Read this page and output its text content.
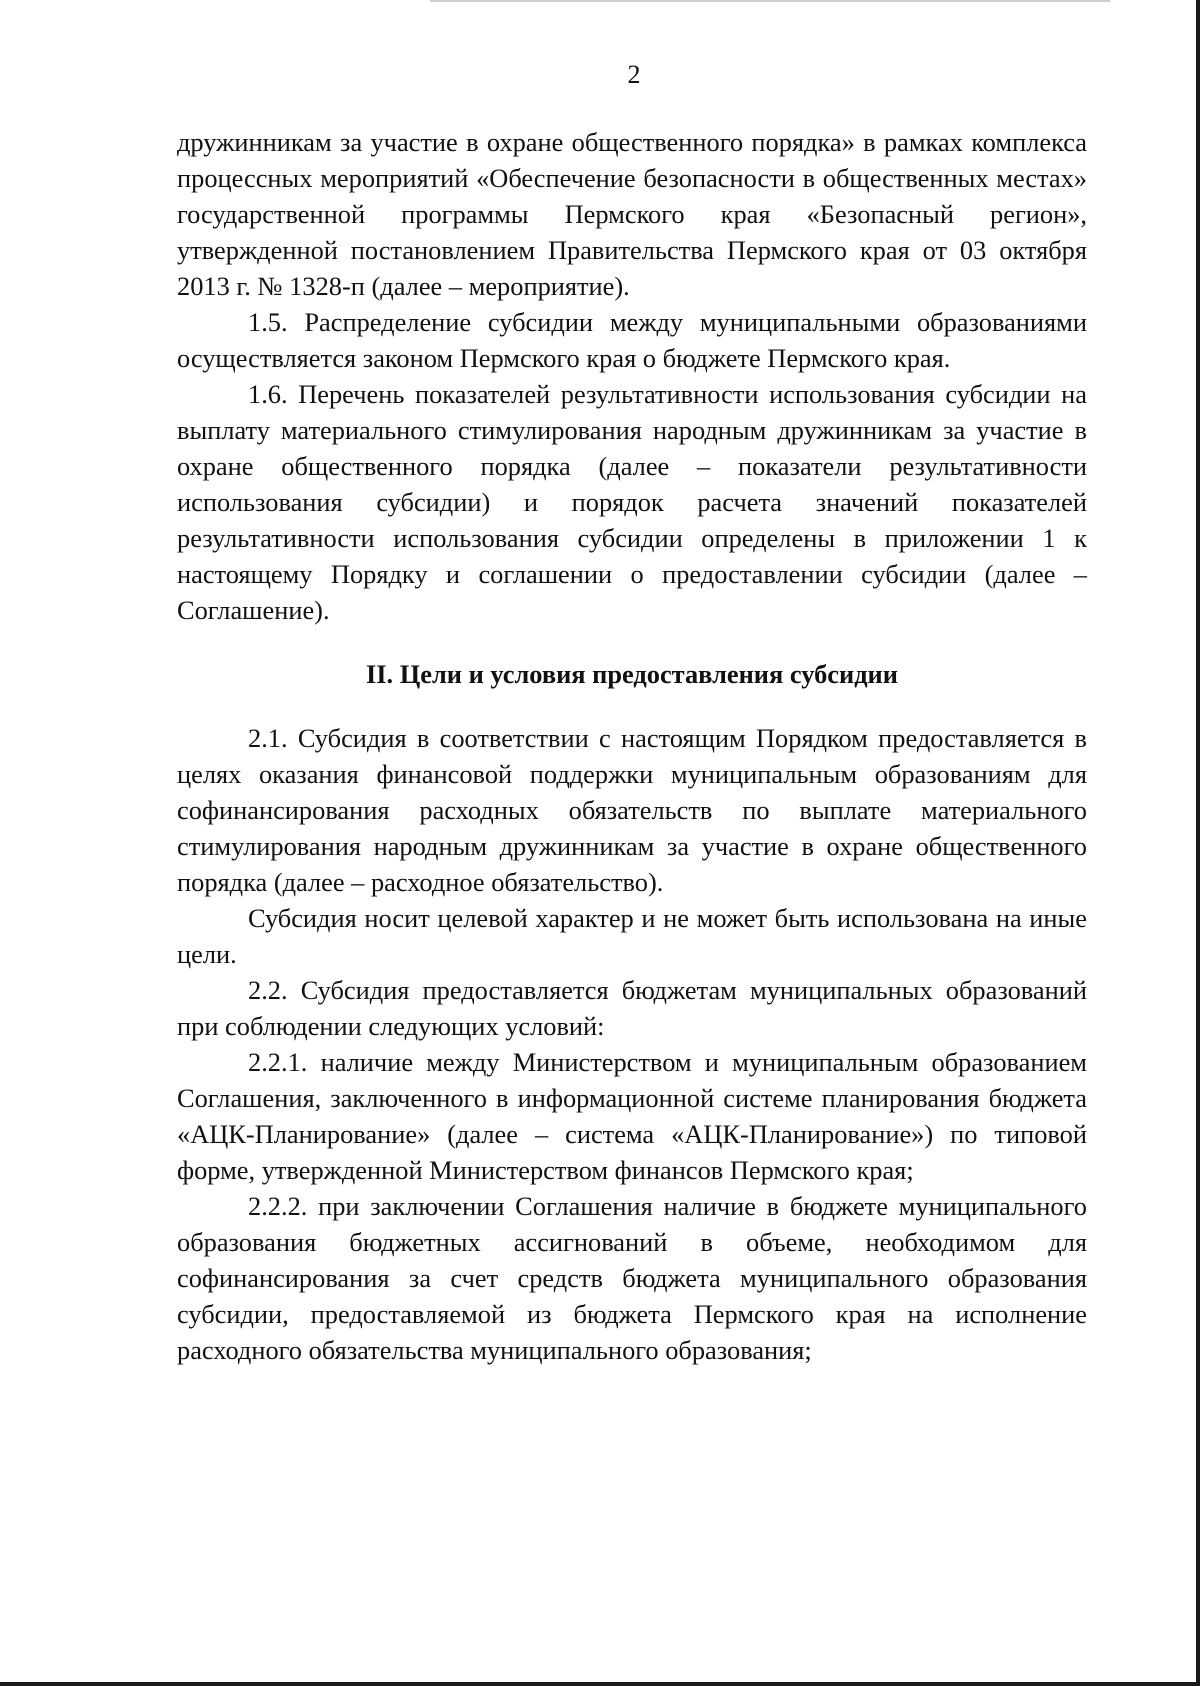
2

дружинникам за участие в охране общественного порядка» в рамках комплекса процессных мероприятий «Обеспечение безопасности в общественных местах» государственной программы Пермского края «Безопасный регион», утвержденной постановлением Правительства Пермского края от 03 октября 2013 г. № 1328-п (далее – мероприятие).

1.5. Распределение субсидии между муниципальными образованиями осуществляется законом Пермского края о бюджете Пермского края.

1.6. Перечень показателей результативности использования субсидии на выплату материального стимулирования народным дружинникам за участие в охране общественного порядка (далее – показатели результативности использования субсидии) и порядок расчета значений показателей результативности использования субсидии определены в приложении 1 к настоящему Порядку и соглашении о предоставлении субсидии (далее – Соглашение).

II. Цели и условия предоставления субсидии

2.1. Субсидия в соответствии с настоящим Порядком предоставляется в целях оказания финансовой поддержки муниципальным образованиям для софинансирования расходных обязательств по выплате материального стимулирования народным дружинникам за участие в охране общественного порядка (далее – расходное обязательство).

Субсидия носит целевой характер и не может быть использована на иные цели.

2.2. Субсидия предоставляется бюджетам муниципальных образований при соблюдении следующих условий:

2.2.1. наличие между Министерством и муниципальным образованием Соглашения, заключенного в информационной системе планирования бюджета «АЦК-Планирование» (далее – система «АЦК-Планирование») по типовой форме, утвержденной Министерством финансов Пермского края;

2.2.2. при заключении Соглашения наличие в бюджете муниципального образования бюджетных ассигнований в объеме, необходимом для софинансирования за счет средств бюджета муниципального образования субсидии, предоставляемой из бюджета Пермского края на исполнение расходного обязательства муниципального образования;
